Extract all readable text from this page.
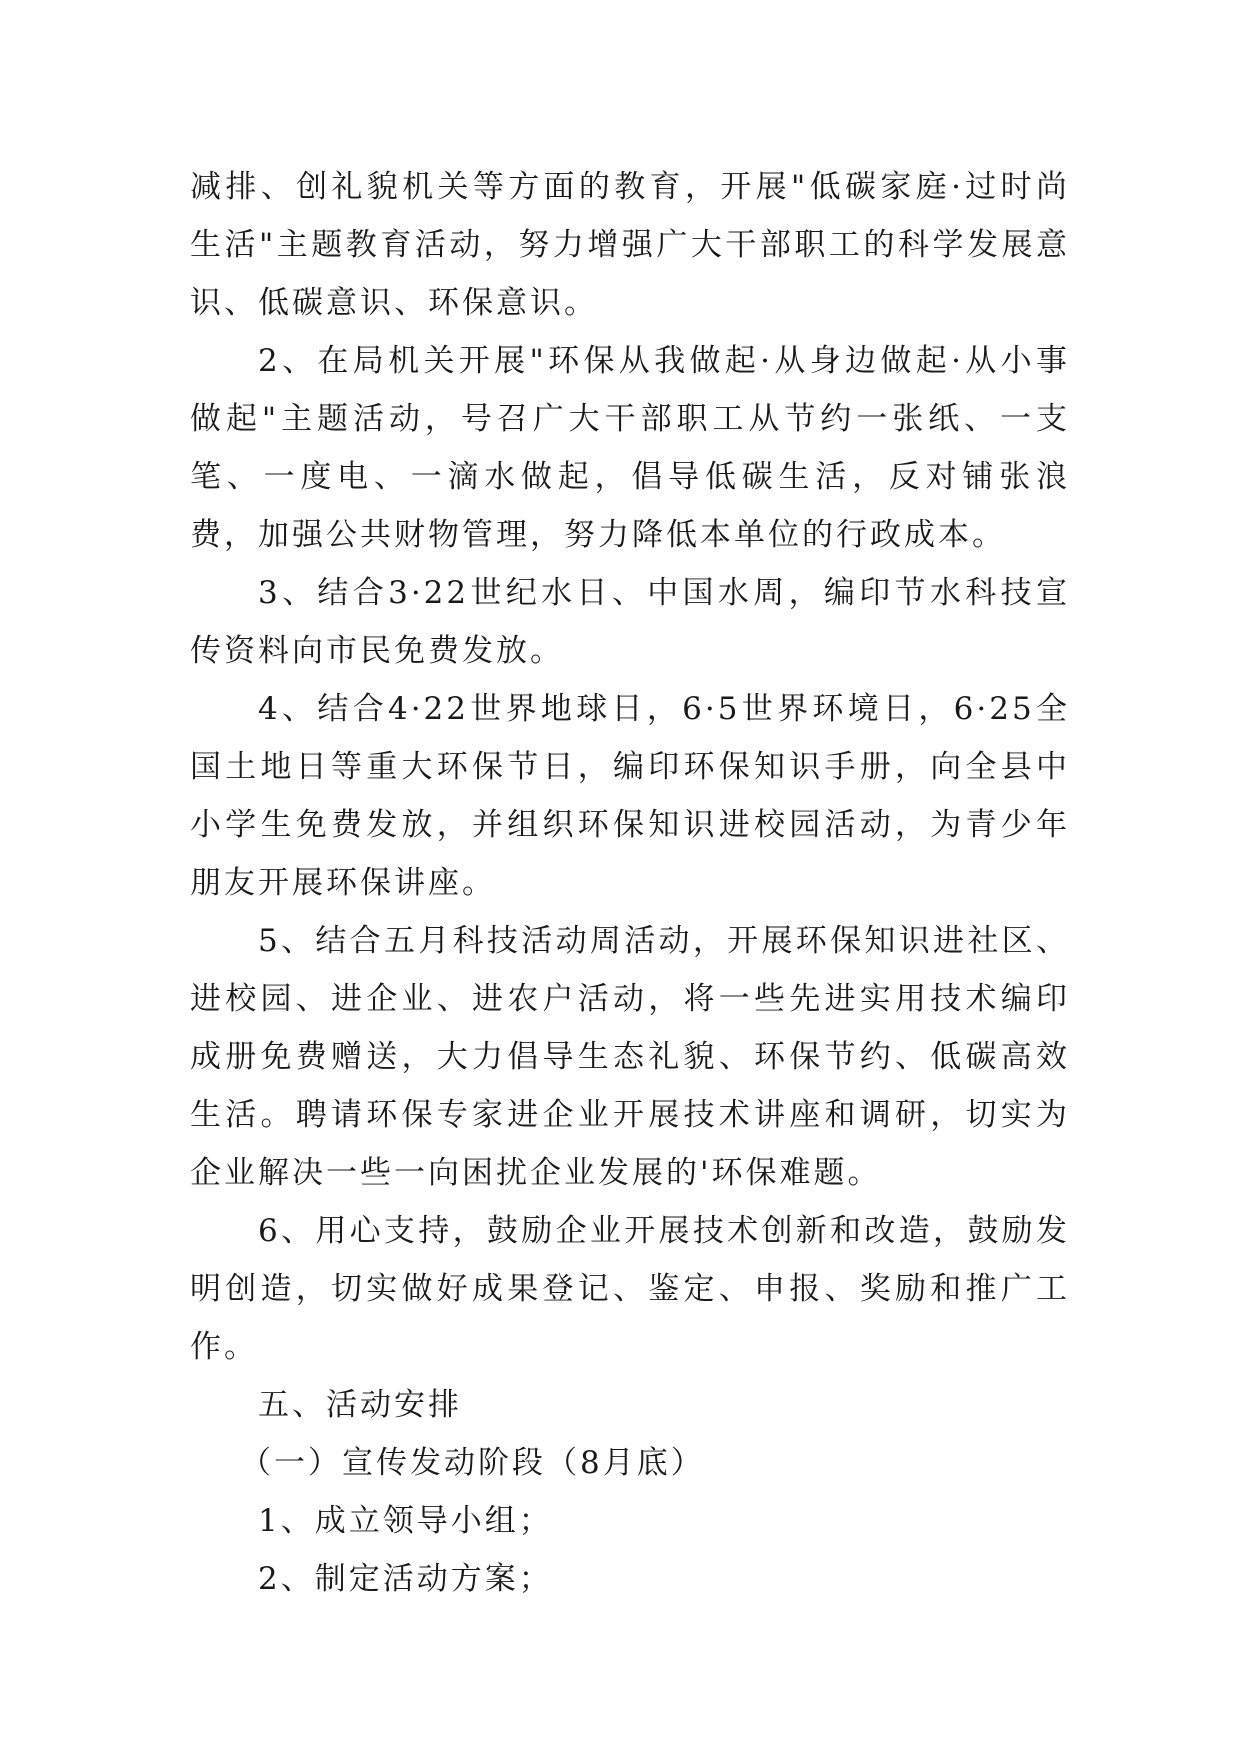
减排、创礼貌机关等方面的教育，开展"低碳家庭·过时尚生活"主题教育活动，努力增强广大干部职工的科学发展意识、低碳意识、环保意识。

2、在局机关开展"环保从我做起·从身边做起·从小事做起"主题活动，号召广大干部职工从节约一张纸、一支笔、一度电、一滴水做起，倡导低碳生活，反对铺张浪费，加强公共财物管理，努力降低本单位的行政成本。

3、结合3·22世纪水日、中国水周，编印节水科技宣传资料向市民免费发放。

4、结合4·22世界地球日，6·5世界环境日，6·25全国土地日等重大环保节日，编印环保知识手册，向全县中小学生免费发放，并组织环保知识进校园活动，为青少年朋友开展环保讲座。

5、结合五月科技活动周活动，开展环保知识进社区、进校园、进企业、进农户活动，将一些先进实用技术编印成册免费赠送，大力倡导生态礼貌、环保节约、低碳高效生活。聘请环保专家进企业开展技术讲座和调研，切实为企业解决一些一向困扰企业发展的'环保难题。

6、用心支持，鼓励企业开展技术创新和改造，鼓励发明创造，切实做好成果登记、鉴定、申报、奖励和推广工作。

五、活动安排

（一）宣传发动阶段（8月底）

1、成立领导小组；

2、制定活动方案；
